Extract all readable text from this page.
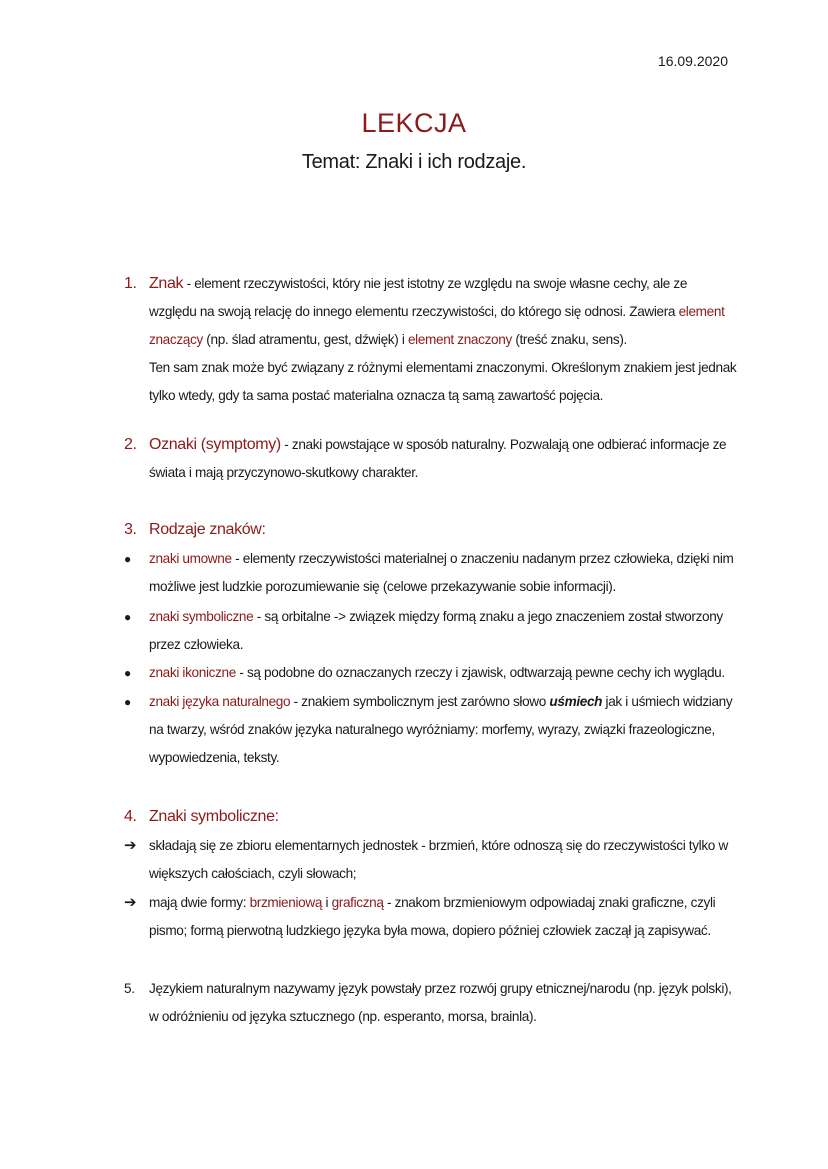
16.09.2020
LEKCJA
Temat: Znaki i ich rodzaje.
1. Znak - element rzeczywistości, który nie jest istotny ze względu na swoje własne cechy, ale ze
względu na swoją relację do innego elementu rzeczywistości, do którego się odnosi. Zawiera element
znaczący (np. ślad atramentu, gest, dźwięk) i element znaczony (treść znaku, sens).
Ten sam znak może być związany z różnymi elementami znaczonymi. Określonym znakiem jest jednak
tylko wtedy, gdy ta sama postać materialna oznacza tą samą zawartość pojęcia.
2. Oznaki (symptomy) - znaki powstające w sposób naturalny. Pozwalają one odbierać informacje ze
świata i mają przyczynowo-skutkowy charakter.
3. Rodzaje znaków:
● znaki umowne - elementy rzeczywistości materialnej o znaczeniu nadanym przez człowieka, dzięki nim
możliwe jest ludzkie porozumiewanie się (celowe przekazywanie sobie informacji).
● znaki symboliczne - są orbitalne -> związek między formą znaku a jego znaczeniem został stworzony
przez człowieka.
● znaki ikoniczne - są podobne do oznaczanych rzeczy i zjawisk, odtwarzają pewne cechy ich wyglądu.
● znaki języka naturalnego - znakiem symbolicznym jest zarówno słowo uśmiech jak i uśmiech widziany
na twarzy, wśród znaków języka naturalnego wyróżniamy: morfemy, wyrazy, związki frazeologiczne,
wypowiedzenia, teksty.
4. Znaki symboliczne:
➔ składają się ze zbioru elementarnych jednostek - brzmień, które odnoszą się do rzeczywistości tylko w
większych całościach, czyli słowach;
➔ mają dwie formy: brzmieniową i graficzną - znakom brzmieniowym odpowiadaj znaki graficzne, czyli
pismo; formą pierwotną ludzkiego języka była mowa, dopiero później człowiek zaczął ją zapisywać.
5.	Językiem naturalnym nazywamy język powstały przez rozwój grupy etnicznej/narodu (np. język polski),
w odróżnieniu od języka sztucznego (np. esperanto, morsa, brainla).
